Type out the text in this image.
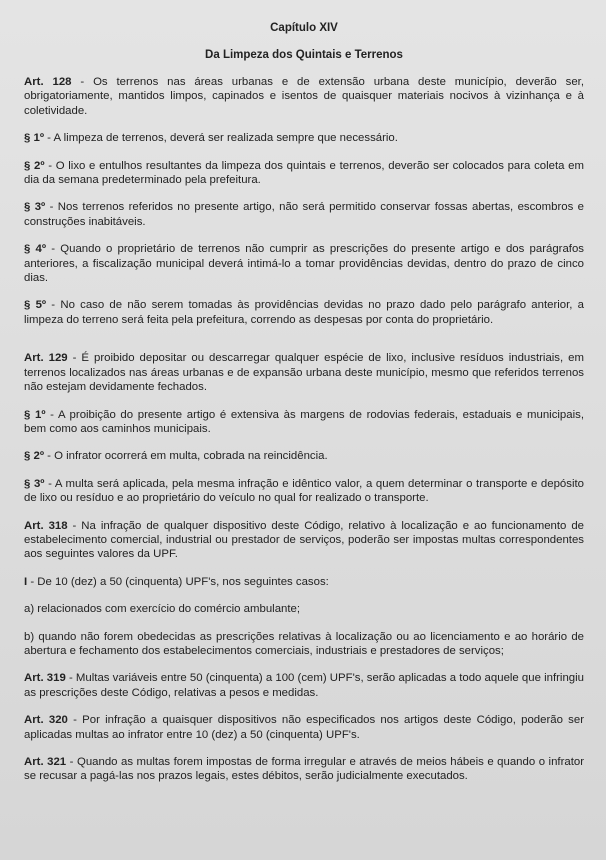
Capítulo XIV
Da Limpeza dos Quintais e Terrenos

Art. 128 - Os terrenos nas áreas urbanas e de extensão urbana deste município, deverão ser, obrigatoriamente, mantidos limpos, capinados e isentos de quaisquer materiais nocivos à vizinhança e à coletividade.

§ 1º - A limpeza de terrenos, deverá ser realizada sempre que necessário.

§ 2º - O lixo e entulhos resultantes da limpeza dos quintais e terrenos, deverão ser colocados para coleta em dia da semana predeterminado pela prefeitura.

§ 3º - Nos terrenos referidos no presente artigo, não será permitido conservar fossas abertas, escombros e construções inabitáveis.

§ 4º - Quando o proprietário de terrenos não cumprir as prescrições do presente artigo e dos parágrafos anteriores, a fiscalização municipal deverá intimá-lo a tomar providências devidas, dentro do prazo de cinco dias.

§ 5º - No caso de não serem tomadas às providências devidas no prazo dado pelo parágrafo anterior, a limpeza do terreno será feita pela prefeitura, correndo as despesas por conta do proprietário.

Art. 129 - É proibido depositar ou descarregar qualquer espécie de lixo, inclusive resíduos industriais, em terrenos localizados nas áreas urbanas e de expansão urbana deste município, mesmo que referidos terrenos não estejam devidamente fechados.

§ 1º - A proibição do presente artigo é extensiva às margens de rodovias federais, estaduais e municipais, bem como aos caminhos municipais.

§ 2º - O infrator ocorrerá em multa, cobrada na reincidência.

§ 3º - A multa será aplicada, pela mesma infração e idêntico valor, a quem determinar o transporte e depósito de lixo ou resíduo e ao proprietário do veículo no qual for realizado o transporte.

Art. 318 - Na infração de qualquer dispositivo deste Código, relativo à localização e ao funcionamento de estabelecimento comercial, industrial ou prestador de serviços, poderão ser impostas multas correspondentes aos seguintes valores da UPF.

I - De 10 (dez) a 50 (cinquenta) UPF's, nos seguintes casos:

a) relacionados com exercício do comércio ambulante;

b) quando não forem obedecidas as prescrições relativas à localização ou ao licenciamento e ao horário de abertura e fechamento dos estabelecimentos comerciais, industriais e prestadores de serviços;

Art. 319 - Multas variáveis entre 50 (cinquenta) a 100 (cem) UPF's, serão aplicadas a todo aquele que infringiu as prescrições deste Código, relativas a pesos e medidas.

Art. 320 - Por infração a quaisquer dispositivos não especificados nos artigos deste Código, poderão ser aplicadas multas ao infrator entre 10 (dez) a 50 (cinquenta) UPF's.

Art. 321 - Quando as multas forem impostas de forma irregular e através de meios hábeis e quando o infrator se recusar a pagá-las nos prazos legais, estes débitos, serão judicialmente executados.
